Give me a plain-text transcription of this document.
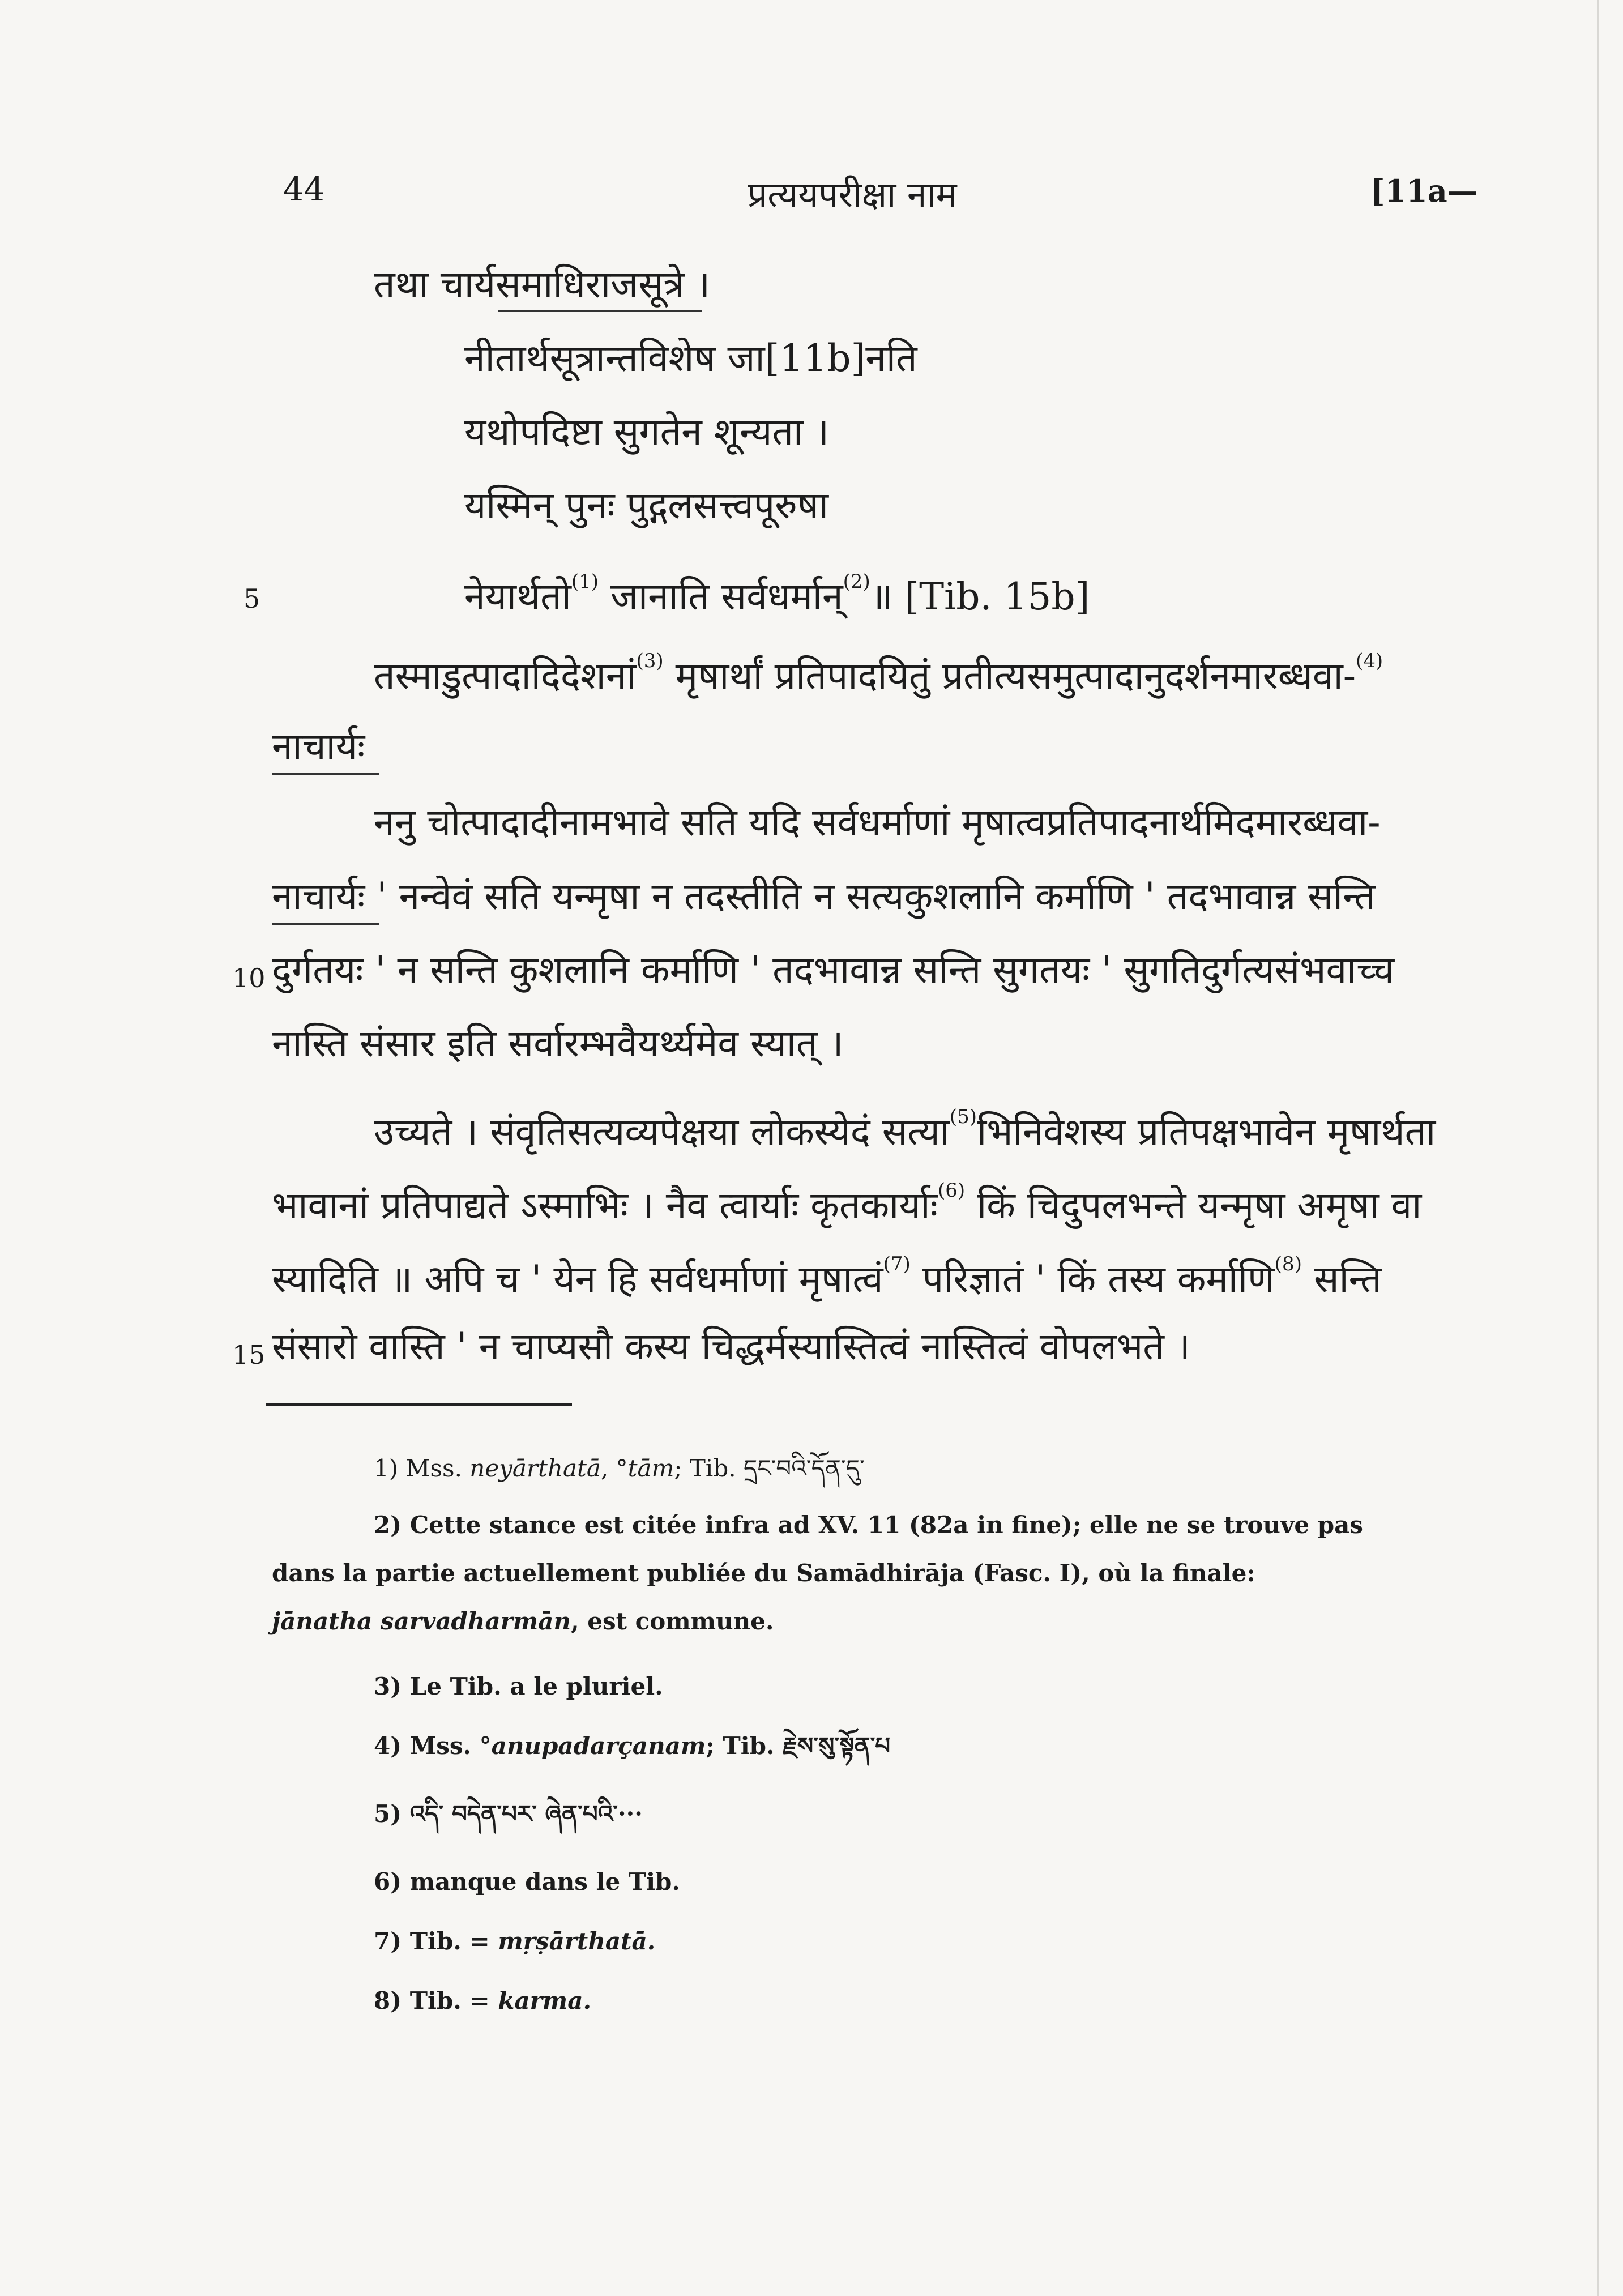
44	प्रत्ययपरीक्षा नाम	[11a—
तथा चार्यसमाधिराजसूत्रे ।
नीतार्थसूत्रान्तविशेष जा[11b]नति
यथोपदिष्टा सुगतेन शून्यता ।
यस्मिन् पुनः पुद्गलसत्त्वपूरुषा
5	नेयार्थतो$^{(1)}$ जानाति सर्वधर्मान्$^{(2)}$॥ [Tib. 15b]
तस्माडुत्पादादिदेशनां$^{(3)}$ मृषार्थां प्रतिपादयितुं प्रतीत्यसमुत्पादानुदर्शनमारब्धवा-$^{(4)}$
नाचार्यः
ननु चोत्पादादीनामभावे सति यदि सर्वधर्माणां मृषात्वप्रतिपादनार्थमिदमारब्धवा-
नाचार्यः ' नन्वेवं सति यन्मृषा न तदस्तीति न सत्यकुशलानि कर्माणि ' तदभावान्न सन्ति
10 दुर्गतयः ' न सन्ति कुशलानि कर्माणि ' तदभावान्न सन्ति सुगतयः ' सुगतिदुर्गत्यसंभवाच्च
नास्ति संसार इति सर्वारम्भवैयर्थ्यमेव स्यात् ।
उच्यते । संवृतिसत्यव्यपेक्षया लोकस्येदं सत्या$^{(5)}$भिनिवेशस्य प्रतिपक्षभावेन मृषार्थता
भावानां प्रतिपाद्यते ऽस्माभिः । नैव त्वार्याः कृतकार्याः$^{(6)}$ किं चिदुपलभन्ते यन्मृषा अमृषा वा
स्यादिति ॥ अपि च ' येन हि सर्वधर्माणां मृषात्वं$^{(7)}$ परिज्ञातं ' किं तस्य कर्माणि$^{(8)}$ सन्ति
15 संसारो वास्ति ' न चाप्यसौ कस्य चिद्धर्मस्यास्तित्वं नास्तित्वं वोपलभते ।
1) Mss. neyārthatā, °tām; Tib. དྲང་བའི་དོན་དུ་
2) Cette stance est citée infra ad XV. 11 (82a in fine); elle ne se trouve pas
dans la partie actuellement publiée du Samādhirāja (Fasc. I), où la finale:
jānatha sarvadharmān, est commune.
3) Le Tib. a le pluriel.
4) Mss. °anupadarçanam; Tib. རྗེས་སུ་སྟོན་པ
5) འདི་ བདེན་པར་ ཞེན་པའི་···
6) manque dans le Tib.
7) Tib. = mṛṣārthatā.
8) Tib. = karma.
